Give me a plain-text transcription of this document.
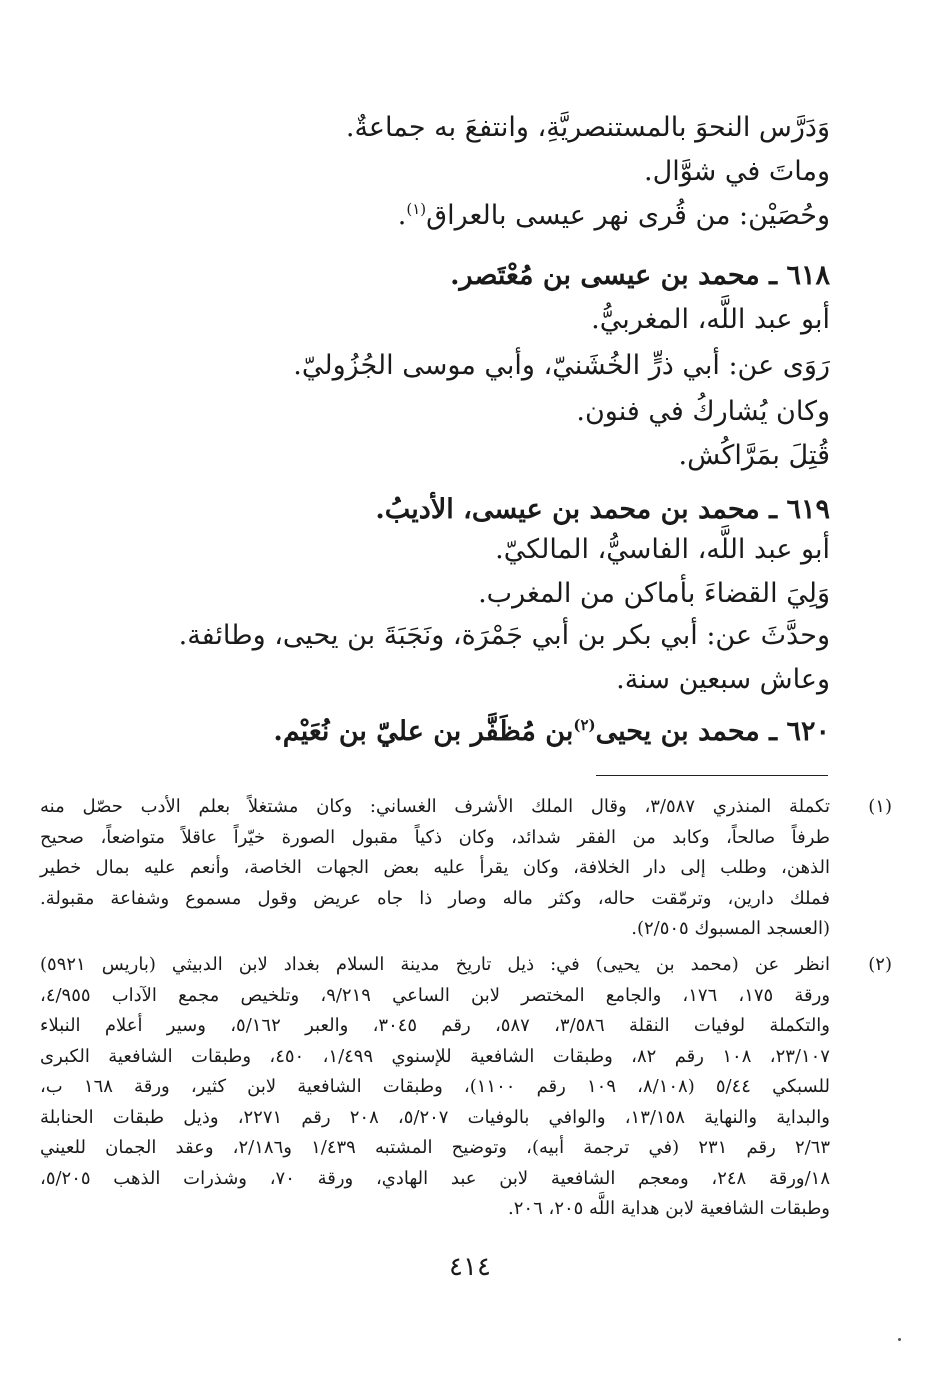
وَدَرَّس النحوَ بالمستنصريَّةِ، وانتفعَ به جماعةٌ.
وماتَ في شوَّال.
وحُصَيْن: من قُرى نهر عيسى بالعراق$^{(١)}$.
٦١٨ ـ محمد بن عيسى بن مُعْتَصر.
أبو عبد اللَّه، المغربيُّ.
رَوَى عن: أبي ذرٍّ الخُشَنيّ، وأبي موسى الجُزُوليّ.
وكان يُشاركُ في فنون.
قُتِلَ بمَرَّاكُش.
٦١٩ ـ محمد بن محمد بن عيسى، الأديبُ.
أبو عبد اللَّه، الفاسيُّ، المالكيّ.
وَلِيَ القضاءَ بأماكن من المغرب.
وحدَّثَ عن: أبي بكر بن أبي جَمْرَة، ونَجَبَةَ بن يحيى، وطائفة.
وعاش سبعين سنة.
٦٢٠ ـ محمد بن يحيى$^{(٢)}$بن مُظَفَّر بن عليّ بن نُعَيْم.
(١)
تكملة المنذري ٣/٥٨٧، وقال الملك الأشرف الغساني: وكان مشتغلاً بعلم الأدب حصّل منه
طرفاً صالحاً، وكابد من الفقر شدائد، وكان ذكياً مقبول الصورة خيّراً عاقلاً متواضعاً، صحيح
الذهن، وطلب إلى دار الخلافة، وكان يقرأ عليه بعض الجهات الخاصة، وأنعم عليه بمال خطير
فملك دارين، وترمّقت حاله، وكثر ماله وصار ذا جاه عريض وقول مسموع وشفاعة مقبولة.
(العسجد المسبوك ٢/٥٠٥).
(٢)
انظر عن (محمد بن يحيى) في: ذيل تاريخ مدينة السلام بغداد لابن الدبيثي (باريس ٥٩٢١)
ورقة ١٧٥، ١٧٦، والجامع المختصر لابن الساعي ٩/٢١٩، وتلخيص مجمع الآداب ٤/٩٥٥،
والتكملة لوفيات النقلة ٣/٥٨٦، ٥٨٧، رقم ٣٠٤٥، والعبر ٥/١٦٢، وسير أعلام النبلاء
٢٣/١٠٧، ١٠٨ رقم ٨٢، وطبقات الشافعية للإسنوي ١/٤٩٩، ٤٥٠، وطبقات الشافعية الكبرى
للسبكي ٥/٤٤ (٨/١٠٨، ١٠٩ رقم ١١٠٠)، وطبقات الشافعية لابن كثير، ورقة ١٦٨ ب،
والبداية والنهاية ١٣/١٥٨، والوافي بالوفيات ٥/٢٠٧، ٢٠٨ رقم ٢٢٧١، وذيل طبقات الحنابلة
٢/٦٣ رقم ٢٣١ (في ترجمة أبيه)، وتوضيح المشتبه ١/٤٣٩ و٢/١٨٦، وعقد الجمان للعيني
١٨/ورقة ٢٤٨، ومعجم الشافعية لابن عبد الهادي، ورقة ٧٠، وشذرات الذهب ٥/٢٠٥،
وطبقات الشافعية لابن هداية اللَّه ٢٠٥، ٢٠٦.
٤١٤
